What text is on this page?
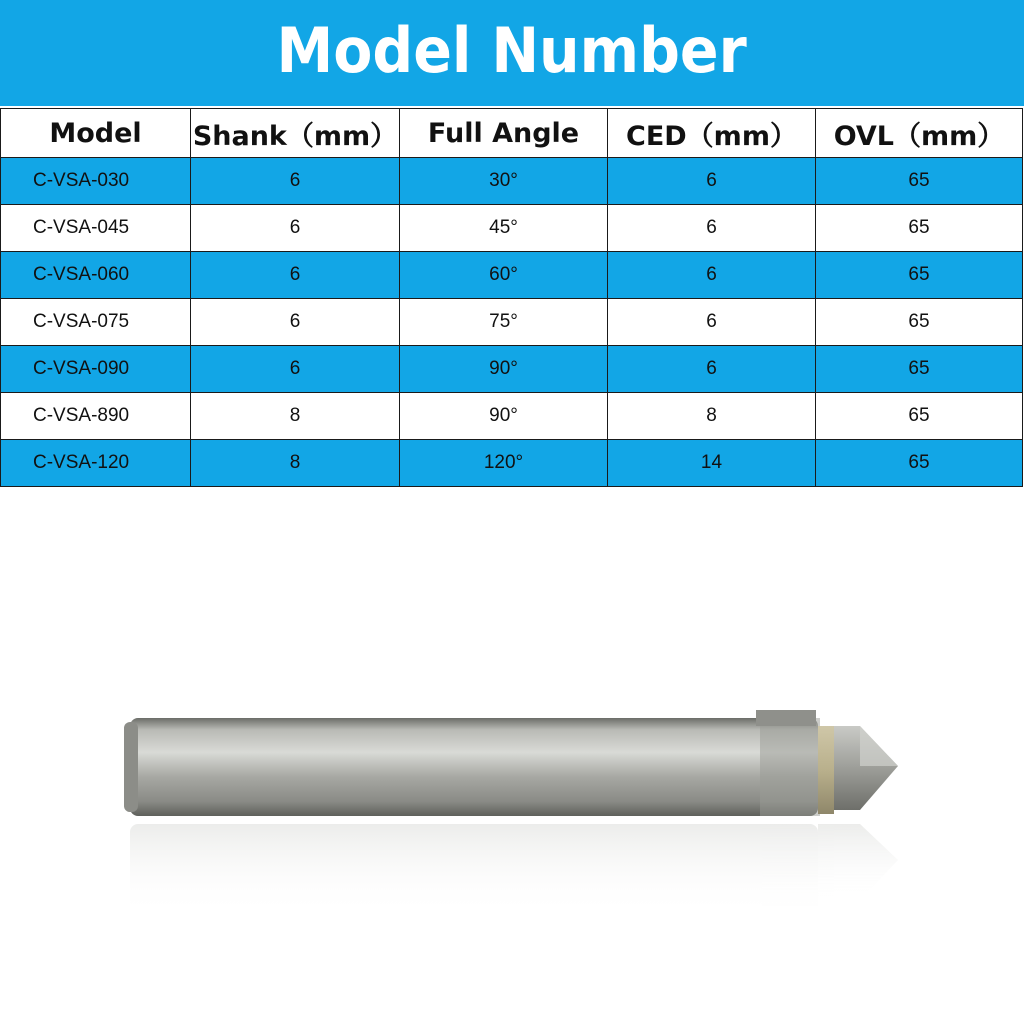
Model Number
Model	Shank（mm）	Full Angle	CED（mm）	OVL（mm）
C-VSA-030	6	30°	6	65
C-VSA-045	6	45°	6	65
C-VSA-060	6	60°	6	65
C-VSA-075	6	75°	6	65
C-VSA-090	6	90°	6	65
C-VSA-890	8	90°	8	65
C-VSA-120	8	120°	14	65
